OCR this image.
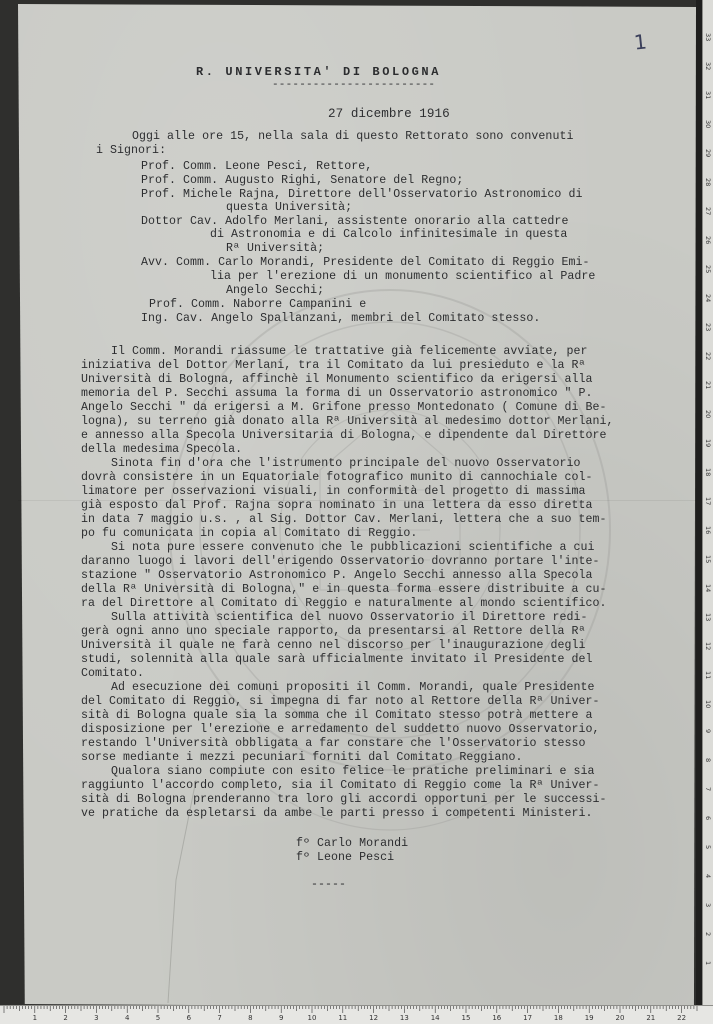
1
R. UNIVERSITA' DI BOLOGNA
------------------------
27 dicembre 1916
Oggi alle ore 15, nella sala di questo Rettorato sono convenuti
i Signori:
Prof. Comm. Leone Pesci, Rettore,
Prof. Comm. Augusto Righi, Senatore del Regno;
Prof. Michele Rajna, Direttore dell'Osservatorio Astronomico di
questa Università;
Dottor Cav. Adolfo Merlani, assistente onorario alla cattedre
di Astronomia e di Calcolo infinitesimale in questa
Rª Università;
Avv. Comm. Carlo Morandi, Presidente del Comitato di Reggio Emi-
lia per l'erezione di un monumento scientifico al Padre
Angelo Secchi;
Prof. Comm. Naborre Campanini e
Ing. Cav. Angelo Spallanzani, membri del Comitato stesso.
Il Comm. Morandi riassume le trattative già felicemente avviate, per
iniziativa del Dottor Merlani, tra il Comitato da lui presieduto e la Rª
Università di Bologna, affinchè il Monumento scientifico da erigersi alla
memoria del P. Secchi assuma la forma di un Osservatorio astronomico " P.
Angelo Secchi " da erigersi a M. Grifone presso Montedonato ( Comune di Be-
logna), su terreno già donato alla Rª Università al medesimo dottor Merlani,
e annesso alla Specola Universitaria di Bologna, e dipendente dal Direttore
della medesima Specola.
Sinota fin d'ora che l'istrumento principale del nuovo Osservatorio
dovrà consistere in un Equatoriale fotografico munito di cannochiale col-
limatore per osservazioni visuali, in conformità del progetto di massima
già esposto dal Prof. Rajna sopra nominato in una lettera da esso diretta
in data 7 maggio u.s. , al Sig. Dottor Cav. Merlani, lettera che a suo tem-
po fu comunicata in copia al Comitato di Reggio.
Si nota pure essere convenuto che le pubblicazioni scientifiche a cui
daranno luogo i lavori dell'erigendo Osservatorio dovranno portare l'inte-
stazione " Osservatorio Astronomico P. Angelo Secchi annesso alla Specola
della Rª Università di Bologna," e in questa forma essere distribuite a cu-
ra del Direttore al Comitato di Reggio e naturalmente al mondo scientifico.
Sulla attività scientifica del nuovo Osservatorio il Direttore redi-
gerà ogni anno uno speciale rapporto, da presentarsi al Rettore della Rª
Università il quale ne farà cenno nel discorso per l'inaugurazione degli
studi, solennità alla quale sarà ufficialmente invitato il Presidente del
Comitato.
Ad esecuzione dei comuni propositi il Comm. Morandi, quale Presidente
del Comitato di Reggio, si impegna di far noto al Rettore della Rª Univer-
sità di Bologna quale sia la somma che il Comitato stesso potrà mettere a
disposizione per l'erezione e arredamento del suddetto nuovo Osservatorio,
restando l'Università obbligata a far constare che l'Osservatorio stesso
sorse mediante i mezzi pecuniari forniti dal Comitato Reggiano.
Qualora siano compiute con esito felice le pratiche preliminari e sia
raggiunto l'accordo completo, sia il Comitato di Reggio come la Rª Univer-
sità di Bologna prenderanno tra loro gli accordi opportuni per le successi-
ve pratiche da espletarsi da ambe le parti presso i competenti Ministeri.
fº Carlo Morandi
fº Leone Pesci
-----
1
2
3
4
5
6
7
8
9
10
11
12
13
14
15
16
17
18
19
20
21
22
23
24
25
26
27
28
29
30
31
32
33
1	2	3	4	5	6	7	8	9	10	11	12	13	14	15	16	17	18	19	20	21	22
